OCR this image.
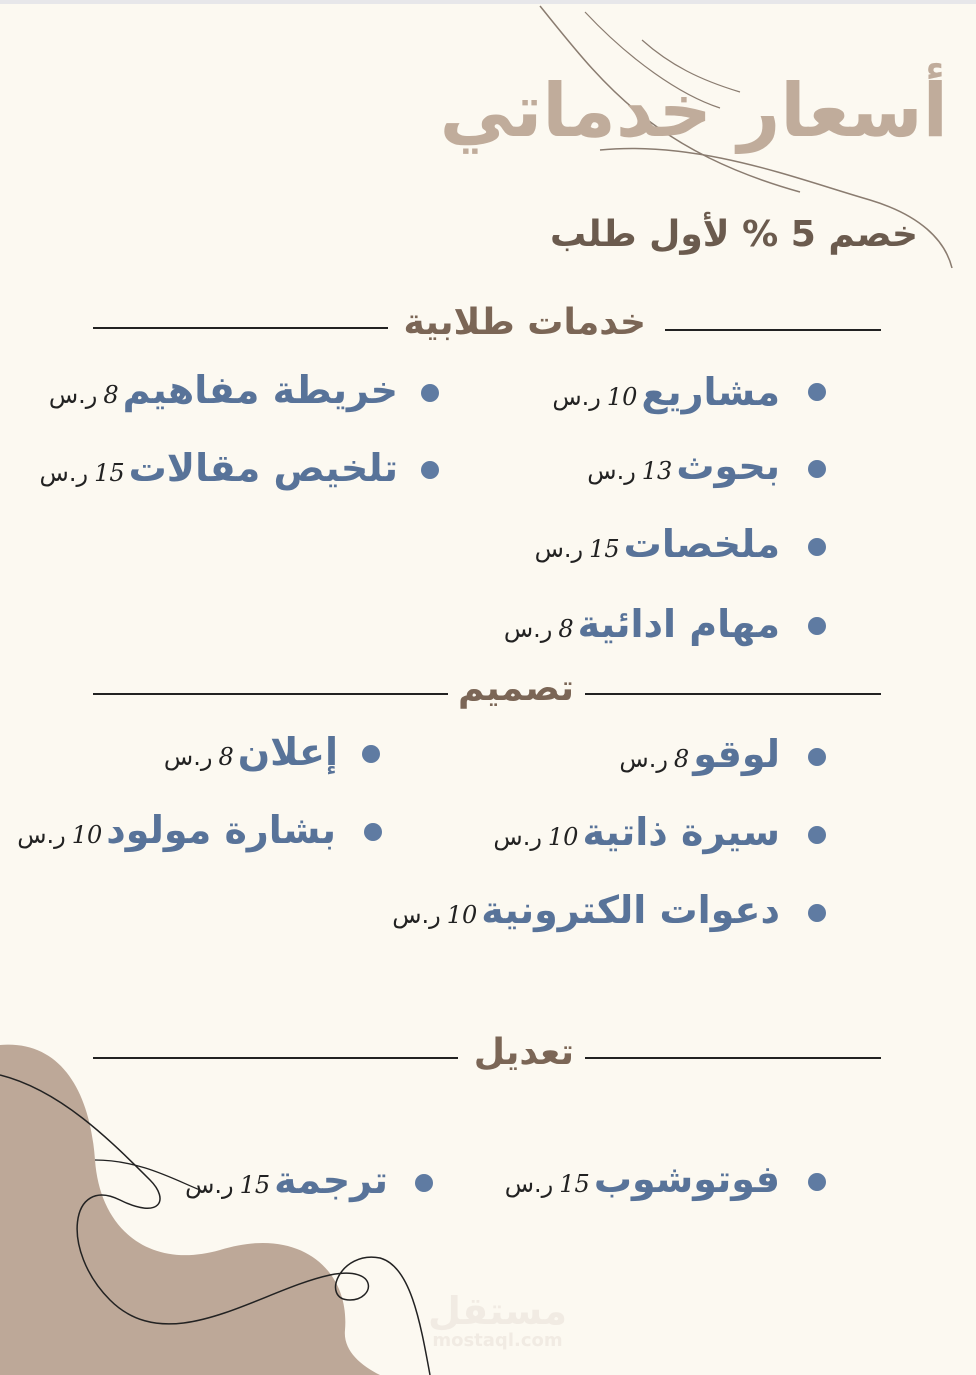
أسعار خدماتي
خصم 5 % لأول طلب
خدمات طلابية
مشاريع10ر.س
بحوث13ر.س
ملخصات15ر.س
مهام ادائية8ر.س
خريطة مفاهيم8ر.س
تلخيص مقالات15ر.س
تصميم
لوقو8ر.س
سيرة ذاتية10ر.س
دعوات الكترونية10ر.س
إعلان8ر.س
بشارة مولود10ر.س
تعديل
فوتوشوب15ر.س
ترجمة15ر.س
مستقل
mostaql.com
